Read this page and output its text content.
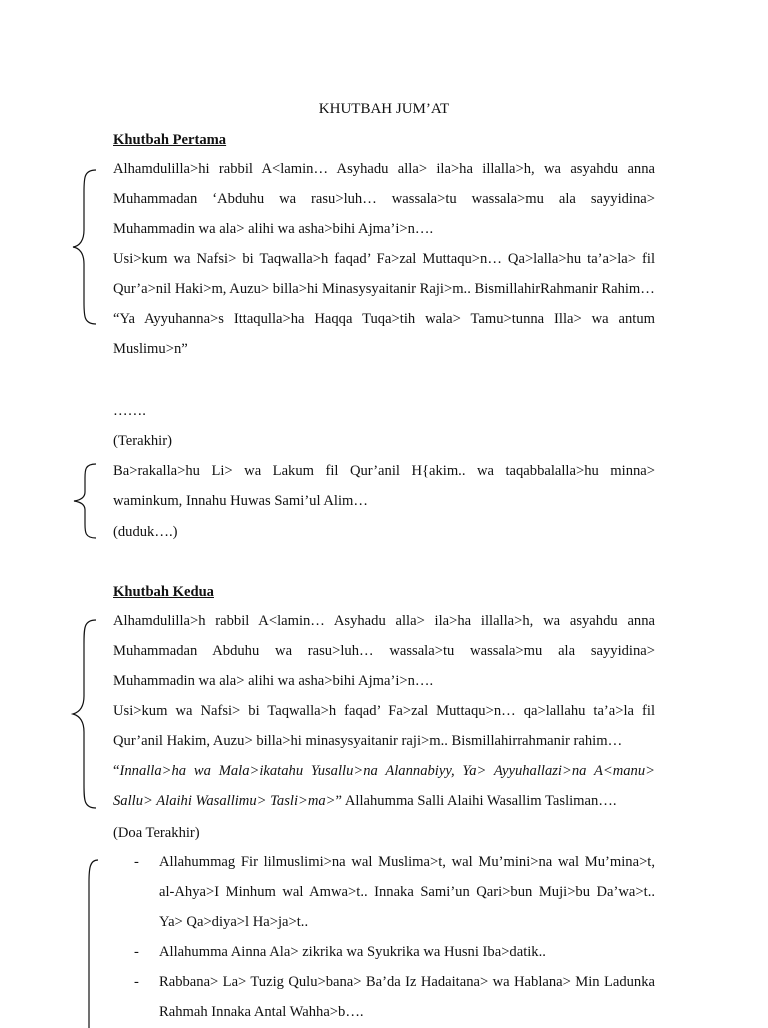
KHUTBAH JUM’AT
Khutbah Pertama

Alhamdulilla>hi rabbil A<lamin… Asyhadu alla> ila>ha illalla>h, wa asyahdu anna Muhammadan ‘Abduhu wa rasu>luh… wassala>tu wassala>mu ala sayyidina> Muhammadin wa ala> alihi wa asha>bihi Ajma’i>n….

Usi>kum wa Nafsi> bi Taqwalla>h faqad’ Fa>zal Muttaqu>n… Qa>lalla>hu ta’a>la> fil Qur’a>nil Haki>m, Auzu> billa>hi Minasysyaitanir Raji>m.. BismillahirRahmanir Rahim…

“Ya Ayyuhanna>s Ittaqulla>ha Haqqa Tuqa>tih wala> Tamu>tunna Illa> wa antum Muslimu>n”

…….
(Terakhir)

Ba>rakalla>hu Li> wa Lakum fil Qur’anil H{akim.. wa taqabbalalla>hu minna> waminkum, Innahu Huwas Sami’ul Alim…

(duduk….)
Khutbah Kedua

Alhamdulilla>h rabbil A<lamin… Asyhadu alla> ila>ha illalla>h, wa asyahdu anna Muhammadan Abduhu wa rasu>luh… wassala>tu wassala>mu ala sayyidina> Muhammadin wa ala> alihi wa asha>bihi Ajma’i>n….

Usi>kum wa Nafsi> bi Taqwalla>h faqad’ Fa>zal Muttaqu>n… qa>lallahu ta’a>la fil Qur’anil Hakim, Auzu> billa>hi minasysyaitanir raji>m.. Bismillahirrahmanir rahim…

“Innalla>ha wa Mala>ikatahu Yusallu>na Alannabiyy, Ya> Ayyuhallazi>na A<manu> Sallu> Alaihi Wasallimu> Tasli>ma>” Allahumma Salli Alaihi Wasallim Tasliman….

(Doa Terakhir)
- Allahummag Fir lilmuslimi>na wal Muslima>t, wal Mu’mini>na wal Mu’mina>t, al-Ahya>I Minhum wal Amwa>t.. Innaka Sami’un Qari>bun Muji>bu Da’wa>t.. Ya> Qa>diya>l Ha>ja>t..
- Allahumma Ainna Ala> zikrika wa Syukrika wa Husni Iba>datik..
- Rabbana> La> Tuzig Qulu>bana> Ba’da Iz Hadaitana> wa Hablana> Min Ladunka Rahmah Innaka Antal Wahha>b….
